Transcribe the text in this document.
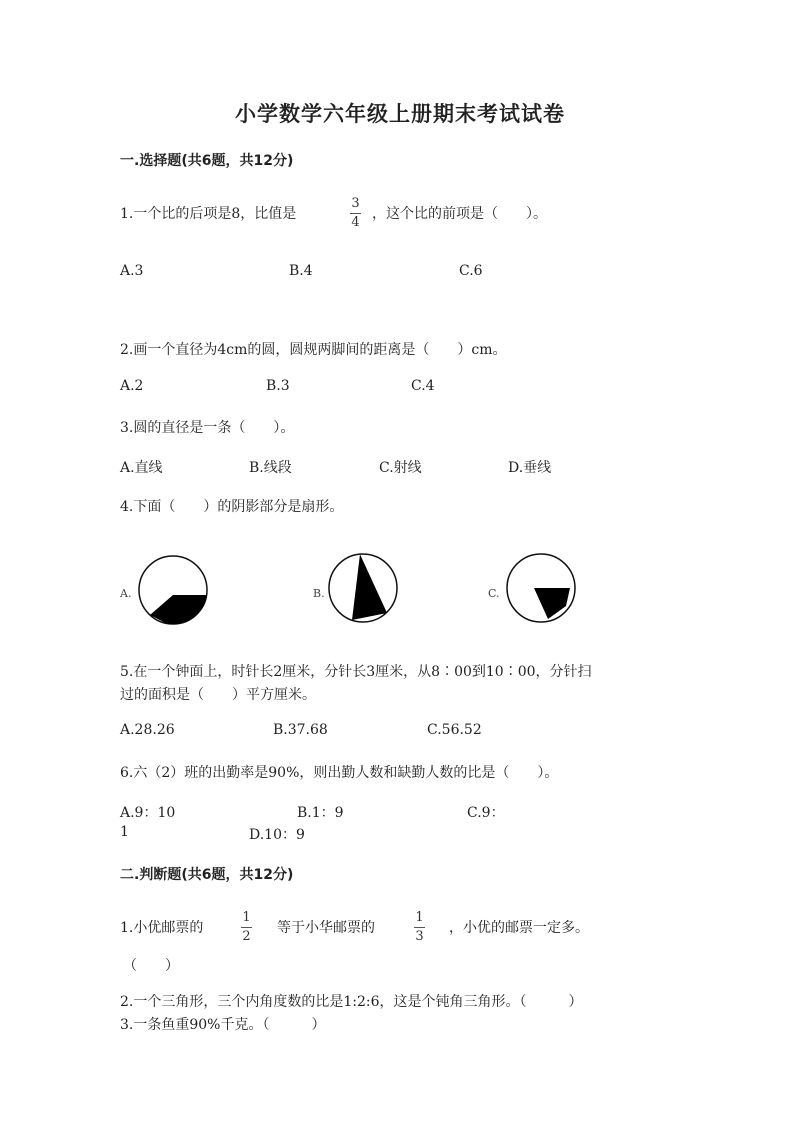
小学数学六年级上册期末考试试卷
一.选择题(共6题，共12分)
1.一个比的后项是8，比值是
3
4
，这个比的前项是（　　）。
A.3	B.4	C.6
2.画一个直径为4cm的圆，圆规两脚间的距离是（　　）cm。
A.2	B.3	C.4
3.圆的直径是一条（　　）。
A.直线	B.线段	C.射线	D.垂线
4.下面（　　）的阴影部分是扇形。
A.	B.	C.
5.在一个钟面上，时针长2厘米，分针长3厘米，从8∶00到10∶00，分针扫
过的面积是（　　）平方厘米。
A.28.26	B.37.68	C.56.52
6.六（2）班的出勤率是90%，则出勤人数和缺勤人数的比是（　　）。
A.9：10	B.1：9	C.9：
1	D.10：9
二.判断题(共6题，共12分)
1.小优邮票的
1
2
等于小华邮票的
1
3
，小优的邮票一定多。
（　　）
2.一个三角形，三个内角度数的比是1:2:6，这是个钝角三角形。（　　　）
3.一条鱼重90%千克。（　　　）
